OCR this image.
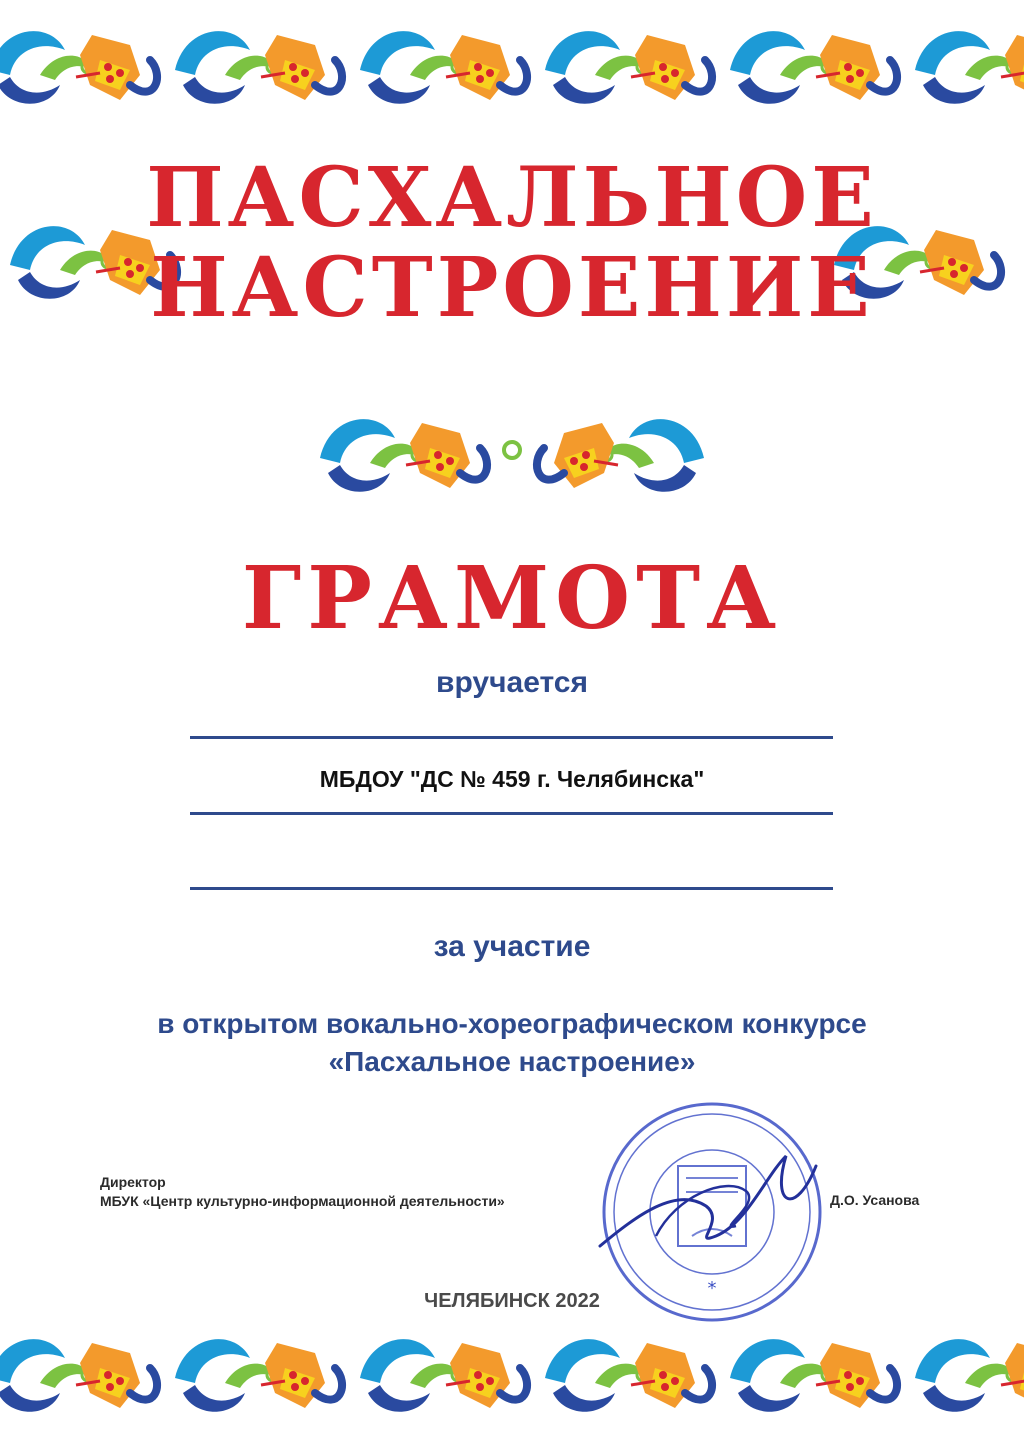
ПАСХАЛЬНОЕ
НАСТРОЕНИЕ
ГРАМОТА

вручается

МБДОУ "ДС № 459 г. Челябинска"

за участие

в открытом вокально-хореографическом конкурсе

«Пасхальное настроение»

Директор
МБУК «Центр культурно-информационной деятельности»
*
Д.О. Усанова
ЧЕЛЯБИНСК 2022
